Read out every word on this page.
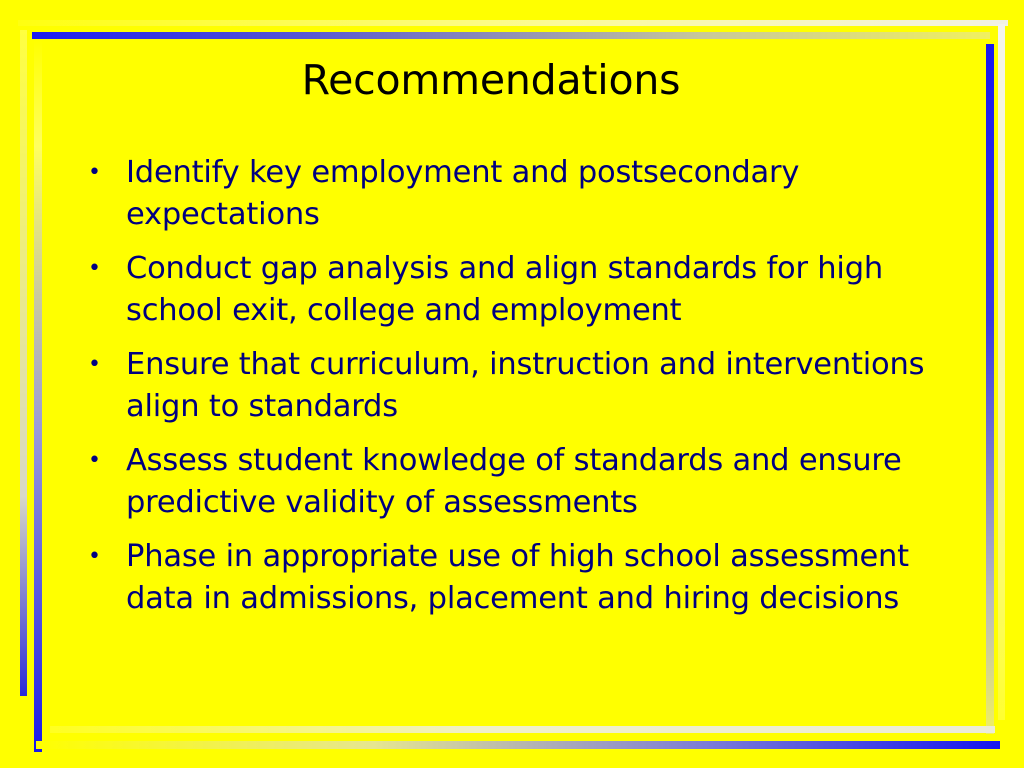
Recommendations
• Identify key employment and postsecondary expectations
• Conduct gap analysis and align standards for high school exit, college and employment
• Ensure that curriculum, instruction and interventions align to standards
• Assess student knowledge of standards and ensure predictive validity of assessments
• Phase in appropriate use of high school assessment data in admissions, placement and hiring decisions
